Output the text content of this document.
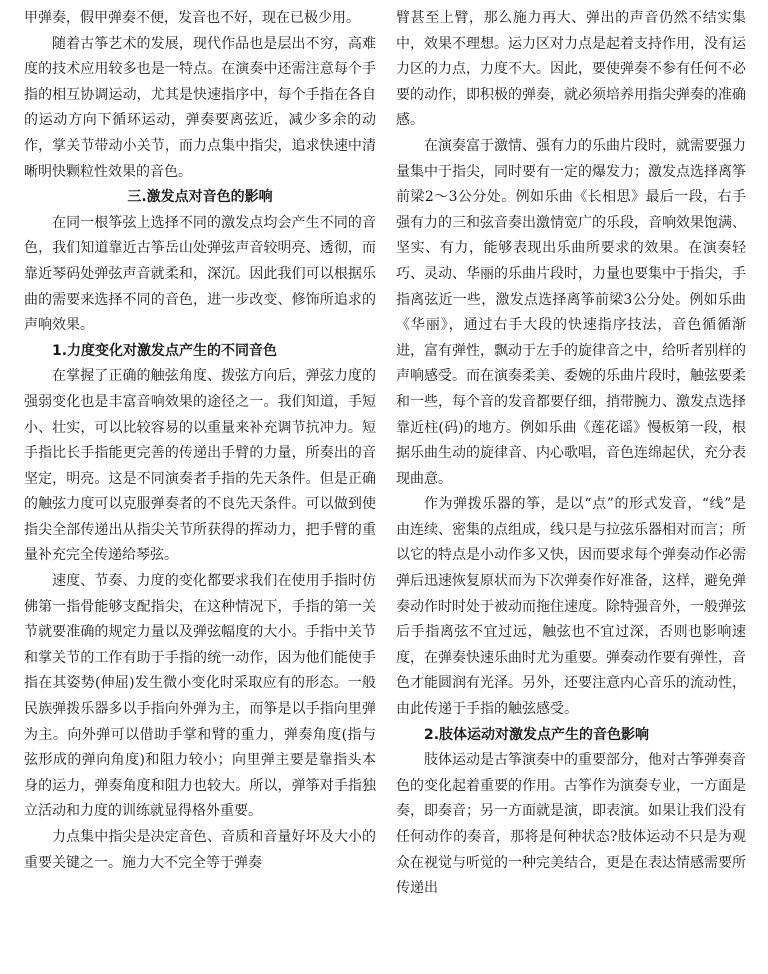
甲弹奏，假甲弹奏不便，发音也不好，现在已极少用。

随着古筝艺术的发展，现代作品也是层出不穷，高难度的技术应用较多也是一特点。在演奏中还需注意每个手指的相互协调运动，尤其是快速指序中，每个手指在各自的运动方向下循环运动，弹奏要离弦近，减少多余的动作，掌关节带动小关节，而力点集中指尖，追求快速中清晰明快颗粒性效果的音色。

三.激发点对音色的影响

在同一根筝弦上选择不同的激发点均会产生不同的音色，我们知道靠近古筝岳山处弹弦声音较明亮、透彻，而靠近琴码处弹弦声音就柔和，深沉。因此我们可以根据乐曲的需要来选择不同的音色，进一步改变、修饰所追求的声响效果。

1.力度变化对激发点产生的不同音色

在掌握了正确的触弦角度、拨弦方向后，弹弦力度的强弱变化也是丰富音响效果的途径之一。我们知道，手短小、壮实，可以比较容易的以重量来补充调节抗冲力。短手指比长手指能更完善的传递出手臂的力量，所奏出的音坚定，明亮。这是不同演奏者手指的先天条件。但是正确的触弦力度可以克服弹奏者的不良先天条件。可以做到使指尖全部传递出从指尖关节所获得的挥动力，把手臂的重量补充完全传递给琴弦。

速度、节奏、力度的变化都要求我们在使用手指时仿佛第一指骨能够支配指尖，在这种情况下，手指的第一关节就要准确的规定力量以及弹弦幅度的大小。手指中关节和掌关节的工作有助于手指的统一动作，因为他们能使手指在其姿势(伸屈)发生微小变化时采取应有的形态。一般民族弹拨乐器多以手指向外弹为主，而筝是以手指向里弹为主。向外弹可以借助手掌和臂的重力，弹奏角度(指与弦形成的弹向角度)和阻力较小；向里弹主要是靠指头本身的运力，弹奏角度和阻力也较大。所以，弹筝对手指独立活动和力度的训练就显得格外重要。

力点集中指尖是决定音色、音质和音量好坏及大小的重要关键之一。施力大不完全等于弹奏

臂甚至上臂，那么施力再大、弹出的声音仍然不结实集中，效果不理想。运力区对力点是起着支持作用，没有运力区的力点，力度不大。因此，要使弹奏不参有任何不必要的动作，即积极的弹奏，就必须培养用指尖弹奏的准确感。

在演奏富于激情、强有力的乐曲片段时，就需要强力量集中于指尖，同时要有一定的爆发力；激发点选择离筝前梁2～3公分处。例如乐曲《长相思》最后一段，右手强有力的三和弦音奏出激情宽广的乐段，音响效果饱满、坚实、有力，能够表现出乐曲所要求的效果。在演奏轻巧、灵动、华丽的乐曲片段时，力量也要集中于指尖，手指离弦近一些，激发点选择离筝前梁3公分处。例如乐曲《华丽》，通过右手大段的快速指序技法，音色循循渐进，富有弹性，飘动于左手的旋律音之中，给听者别样的声响感受。而在演奏柔美、委婉的乐曲片段时，触弦要柔和一些，每个音的发音都要仔细，捎带腕力、激发点选择靠近柱(码)的地方。例如乐曲《莲花谣》慢板第一段，根据乐曲生动的旋律音、内心歌唱，音色连绵起伏，充分表现曲意。

作为弹拨乐器的筝，是以“点”的形式发音，“线”是由连续、密集的点组成，线只是与拉弦乐器相对而言；所以它的特点是小动作多又快，因而要求每个弹奏动作必需弹后迅速恢复原状而为下次弹奏作好准备，这样，避免弹奏动作时时处于被动而拖住速度。除特强音外，一般弹弦后手指离弦不宜过远，触弦也不宜过深，否则也影响速度，在弹奏快速乐曲时尤为重要。弹奏动作要有弹性，音色才能圆润有光泽。另外，还要注意内心音乐的流动性，由此传递于手指的触弦感受。

2.肢体运动对激发点产生的音色影响

肢体运动是古筝演奏中的重要部分，他对古筝弹奏音色的变化起着重要的作用。古筝作为演奏专业，一方面是奏，即奏音；另一方面就是演，即表演。如果让我们没有任何动作的奏音，那将是何种状态?肢体运动不只是为观众在视觉与听觉的一种完美结合，更是在表达情感需要所传递出
